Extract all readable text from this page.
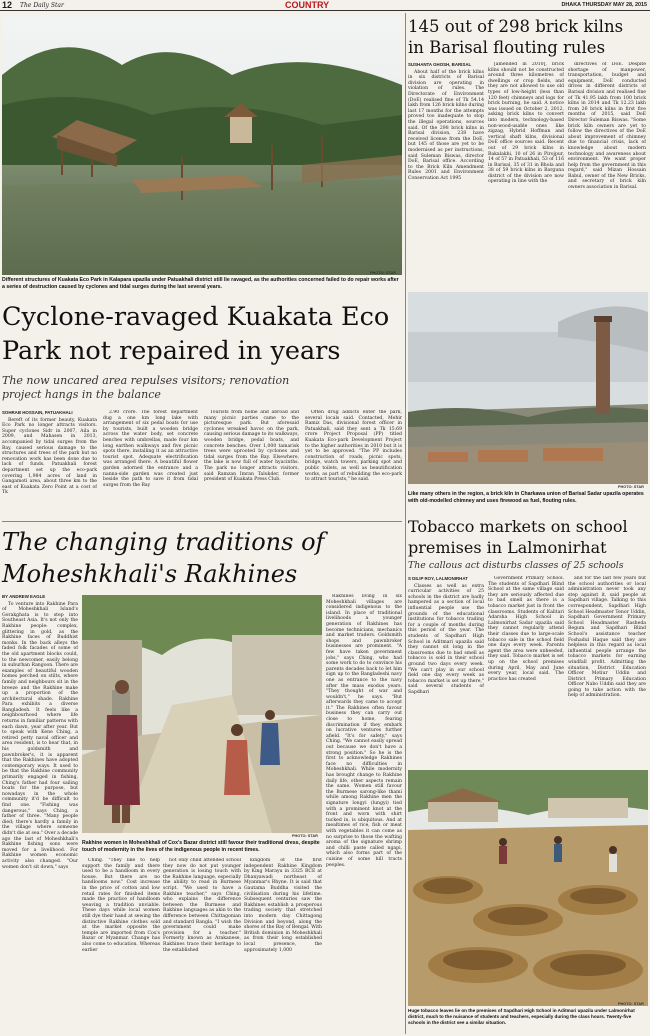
12 The Daily Star	COUNTRY	DHAKA THURSDAY MAY 28, 2015
PHOTO: STAR
Different structures of Kuakata Eco Park in Kalapara upazila under Patuakhali district still lie ravaged, as the authorities concerned failed to do repair works after a series of destruction caused by cyclones and tidal surges during the last several years.
145 out of 298 brick kilns
in Barisal flouting rules
SUSHANTA GHOSH, BARISAL

About half of the brick kilns in six districts of Barisal division are operating in violation of rules. The Directorate of Environment (DoE) realised fine of Tk 54.14 lakh from 126 brick kilns during last 17 months for the attempts proved too inadequate to stop the illegal operations, sources said. Of the 298 brick kilns in Barisal division, 238 have received license from the DoE, but 145 of those are yet to be modernised as per instructions, said Suleman Biswas, director DoE, Barisal office. According to the Brick Kiln Amendment Rules 2001 and Environment Conservation Act 1995

[amended in 2010], brick kilns should not be constructed around three kilometres of dwellings or crop fields, and they are not allowed to use old types of low-height (less than 120 feet) chimneys and logs for brick burning, he said. A notice was issued on October 2, 2012, asking brick kilns to convert into modern, technology-based non-wood-usable ones like zigzag, Hybrid Hoffman and vertical shaft kilns, divisional DoE office sources said. Recent out of 29 brick kilns in Bakalakhi, 10 of 26 in Pirojpur, 14 of 57 in Patuakhali, 53 of 116 in Barisal, 35 of 31 in Bhola and 38 of 59 brick kilns in Barguna district of the division are now operating in line with the

directives of DoE. Despite shortage of manpower, transportation, budget and equipment, DoE conducted drives in different districts of Barisal division and realised fine of Tk 41.95 lakh from 100 brick kilns in 2014 and Tk 12.23 lakh from 26 brick kilns in first five months of 2015, said DoE Director Suleman Biswas. "Some brick kiln owners are yet to follow the directives of the DoE about improvement of chimney due to financial crisis, lack of knowledge about modern technology and awareness about environment. We want proper help from the government in this regard," said Mizan Hossain Babul, owner of the New Bricks, and secretary of brick kiln owners association in Barisal.

PHOTO: STAR
Like many others in the region, a brick kiln in Charkawa union of Barisal Sadar upazila operates with old-modelled chimney and uses firewood as fuel, flouting rules.
Cyclone-ravaged Kuakata Eco
Park not repaired in years
The now uncared area repulses visitors; renovation
project hangs in the balance
SOHRAB HOSSAIN, PATUAKHALI

Bereft of its former beauty, Kuakata Eco Park no longer attracts visitors. Super cyclones Sidr in 2007, Aila in 2009, and Mahasen in 2013, accompanied by tidal surges from the Bay, caused serious damage to the structures and trees of the park but no renovation work has been done due to lack of funds. Patuakhali forest department set up the eco-park covering 1,984 acres of land in Gangamoti area, about three km to the east of Kuakata Zero Point at a cost of Tk

2.90 crore. The forest department dug a one km long lake with arrangement of six pedal boats for use by tourists, built a wooden bridge across the water body, set concrete benches with umbrellas, made four km long earthen walkways and five picnic spots there, installing it as an attractive tourist spot. Adequate electrification was arranged there. A beautiful flower garden adorned the entrance and a nanna-side garden was created just beside the path to save it from tidal surges from the Bay

Tourists from home and abroad and many picnic parties came to the picturesque park. But aforesaid cyclones wreaked havoc on the park, causing serious damage to its walkways, wooden bridge, pedal boats, and concrete benches. Over 1,000 tamarisk trees were uprooted by cyclones and tidal surges from the Bay. Elsewhere, the lake is now full of water hyacinths. The park no longer attracts visitors, said Ramzan Imran Talukder, former president of Kuakata Press Club.

Often drug addicts enter the park, several locals said. Contacted, Mehir Ramiz Das, divisional forest officer in Patuakhali, said they sent a Tk 15.69 crore Project Proposal (PP) titled Kuakata Eco-park Development Project to the higher authorities in 2010 but it is yet to be approved. "The PP includes construction of roads, picnic spots, bridge, watch towers, parking spot and public toilets, as well as beautification works, as part of rebuilding the eco-park to attract tourists," he said.

The changing traditions of
Moheshkhali's Rakhines
BY ANDREW EAGLE

To venture into Rakhine Para of Moheshkhali Island's Gorakghata is to step into Southeast Asia. It's not only the Rakhine people: complex, glittering in gold, as the Rakhine faces of Buddhist monks. In the back alleys the faded folk facades of some of the old apartment blocks could, to the newcomer, easily belong in suburban Rangoon. There are examples of beautiful wooden homes perched on stilts, where family and neighbours sit in the breeze and the Rakhine make up a proportion of the architectural shade. Rakhine Para exhibits a diverse Bangladesh. It feels like a neighbourhood where life returns in familiar patterns with each dawn, year after year. But to speak with Kene Ching, a retired petty naval officer and area resident, is to hear that, in his goldsmith and pawnbroker's, it is apparent that the Rakhines have adopted contemporary ways. It used to be that the Rakhine community primarily engaged in fishing, Ching's father had four sailing boats for the purpose, but nowadays in the whole community it'd be difficult to find one. "Fishing was dangerous," says Ching, a father of three. "Many people died; there's hardly a family in the village where someone didn't die at sea." Over a decade ago the last of Moheshkhali's Rakhine fishing sons were moved for a livelihood. For Rakhine women economic activity also changed. "Our women don't sit down," says

PHOTO: STAR
Rakhine women in Moheshkhali of Cox's Bazar district still favour their traditional dress, despite touch of modernity in the lives of the indigenous people in recent times.

Ching. "They like to help support the family and there used to be a handloom in every house. But there are no handlooms now." Cost increase in the price of cotton and low retail rates for finished items made the practice of handloom weaving a tradition unviable. These days while local women still dye their hand at sewing the distinctive Rakhine clothes sold at the market opposite the temple are imported from Cox's Bazar or Myanmar. Change has also come to education. Whereas earlier

not only child attended school they now do not put younger generation is losing touch with the Rakhine language, especially the ability to read in Burmese script. "We used to have a Rakhine teacher," says Ching, who explains the difference between the Burmese and Rakhine languages as akin to the difference between Chittagonian and standard Bangla. "I wish the government could make provision for a teacher." Formerly known as Arakanese, Rakhines trace their heritage to the established

kingdom of the first independent Rakhine Kingdom by King Marayu in 3325 BCE at Dhanyawadi northeast of Myanmar's Rhyne. It is said that Gautama Buddha visited the civilisation during his lifetime. Subsequent centuries saw the Rakhines establish a prosperous trading society that stretched into modern day Chittagong Division and beyond, along the shores of the Bay of Bengal. With British dominion in Moheshkhali as from their long established local presence, the approximately 1,000

Rakhines living in six Moheshkhali villages are considered indigenous to the island. In place of traditional livelihoods a younger generation of Rakhines has become technicians, mechanics and market traders. Goldsmith shops and pawnbroker businesses are prominent. "A few have taken government jobs," says Ching, who had some work to do to convince his parents decades back to let him sign up to the Bangladeshi navy one as entrance to the navy after the mass exodus years. "They thought of war and wouldn't," he says. "But afterwards they came to accept it." The Rakhines often favour business they can carry out close to home, fearing discrimination if they embark on lucrative ventures further afield. "It's for safety," says Ching. "We cannot easily spread out because we don't have a strong position." So he is the first to acknowledge Rakhines face no difficulties in Moheshkhali. While modernity has brought change to Rakhine daily life, other aspects remain the same. Women still favour the Burmese sarong-like thami while among Rakhine men the signature longyi (lungyi) tied with a prominent knot at the front and worn with shirt tucked in, is ubiquitous. And at mealtimes of rice, fish or meat with vegetables it can come as no surprise to those the wafting aroma of the signature shrimp and chilli paste called ngapi, which also forms part of the cuisine of some hill tracts peoples.

Tobacco markets on school
premises in Lalmonirhat
The callous act disturbs classes of 25 schools
S DILIP ROY, LALMONIRHAT

Classes as well as extra curricular activities of 25 schools in the district are badly hampered as a section of local influential people use the grounds of the educational institutions for tobacco trading for a couple of months during this period of the year. The students of Sapdhari High School in Aditmari upazila said they cannot sit long in the classrooms due to bad smell as tobacco is sold in their school ground two days every week. "We can't play in our school field one day every week as tobacco market is set up there," said several students of Sapdhari

Government Primary School. The students of Sapdhari Blind School at the same village said they are seriously affected due to bad smell as there is a tobacco market just in front the classrooms. Students of Kalitari Adarsha High School in Lalmonirhat Sadar upazila said they cannot regularly attend their classes due to large-scale tobacco sale in the school field one days every week. Parents agent the area were unheeded, they said. Tobacco market is set up on the school premises during April, May and June every year, local said. The practice has created

and for the last few years but the school authorities or local administration never took any step against it, said people at Sapdhari village. Talking to this correspondent, Sapdhari High School Headmaster Tenor Uddin, Sapdhari Government Primary School Headmaster Rasheda Begum and Sapdhari Blind School's assistance teacher Foshadul Haque said they are helpless in this regard as local influential people arrange the tobacco markets for earning windfall profit. Admitting the situation, District Education Officer Motiur Uddin and District Primary Education Officer Nabo Uddin said they are going to take action with the help of administration.

PHOTO: STAR
Huge tobacco leaves lie on the premises of Sapdhari High School in Aditmari upazila under Lalmonirhat district, much to the nuisance of students and teachers, especially during the class hours. Twenty-five schools in the district see a similar situation.
